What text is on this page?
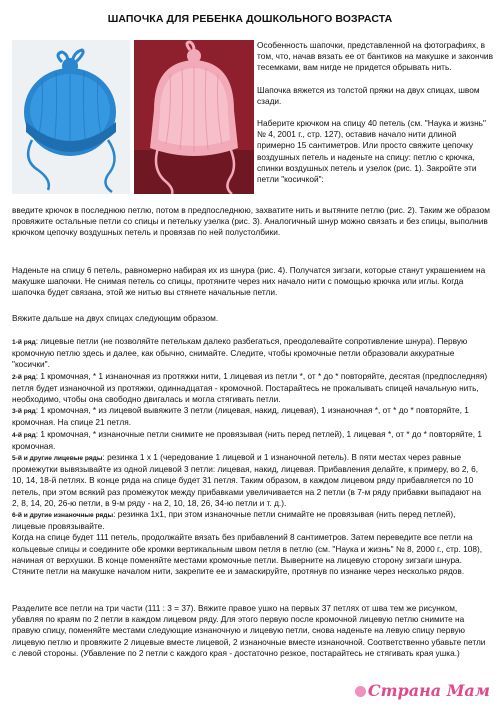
ШАПОЧКА ДЛЯ РЕБЕНКА ДОШКОЛЬНОГО ВОЗРАСТА

Особенность шапочки, представленной на фотографиях, в том, что, начав вязать ее от бантиков на макушке и закончив тесемками, вам нигде не придется обрывать нить.

Шапочка вяжется из толстой пряжи на двух спицах, швом сзади.

Наберите крючком на спицу 40 петель (см. "Наука и жизнь" № 4, 2001 г., стр. 127), оставив начало нити длиной примерно 15 сантиметров. Или просто свяжите цепочку воздушных петель и наденьте на спицу: петлю с крючка, спинки воздушных петель и узелок (рис. 1). Закройте эти петли "косичкой":

введите крючок в последнюю петлю, потом в предпоследнюю, захватите нить и вытяните петлю (рис. 2). Таким же образом провяжите остальные петли со спицы и петельку узелка (рис. 3). Аналогичный шнур можно связать и без спицы, выполнив крючком цепочку воздушных петель и провязав по ней полустолбики.

Наденьте на спицу 6 петель, равномерно набирая их из шнура (рис. 4). Получатся зигзаги, которые станут украшением на макушке шапочки. Не снимая петель со спицы, протяните через них начало нити с помощью крючка или иглы. Когда шапочка будет связана, этой же нитью вы стянете начальные петли.

Вяжите дальше на двух спицах следующим образом.

1-й ряд: лицевые петли (не позволяйте петелькам далеко разбегаться, преодолевайте сопротивление шнура). Первую кромочную петлю здесь и далее, как обычно, снимайте. Следите, чтобы кромочные петли образовали аккуратные "косички".

2-й ряд: 1 кромочная, * 1 изнаночная из протяжки нити, 1 лицевая из петли *, от * до * повторяйте, десятая (предпоследняя) петля будет изнаночной из протяжки, одиннадцатая - кромочной. Постарайтесь не прокалывать спицей начальную нить, необходимо, чтобы она свободно двигалась и могла стягивать петли.

3-й ряд: 1 кромочная, * из лицевой вывяжите 3 петли (лицевая, накид, лицевая), 1 изнаночная *, от * до * повторяйте, 1 кромочная. На спице 21 петля.

4-й ряд: 1 кромочная, * изнаночные петли снимите не провязывая (нить перед петлей), 1 лицевая *, от * до * повторяйте, 1 кромочная.

5-й и другие лицевые ряды: резинка 1 х 1 (чередование 1 лицевой и 1 изнаночной петель). В пяти местах через равные промежутки вывязывайте из одной лицевой 3 петли: лицевая, накид, лицевая. Прибавления делайте, к примеру, во 2, 6, 10, 14, 18-й петлях. В конце ряда на спице будет 31 петля. Таким образом, в каждом лицевом ряду прибавляется по 10 петель, при этом всякий раз промежуток между прибавками увеличивается на 2 петли (в 7-м ряду прибавки выпадают на 2, 8, 14, 20, 26-ю петли, в 9-м ряду - на 2, 10, 18, 26, 34-ю петли и т. д.).

6-й и другие изнаночные ряды: резинка 1х1, при этом изнаночные петли снимайте не провязывая (нить перед петлей), лицевые провязывайте.

Когда на спице будет 111 петель, продолжайте вязать без прибавлений 8 сантиметров. Затем переведите все петли на кольцевые спицы и соедините обе кромки вертикальным швом петля в петлю (см. "Наука и жизнь" № 8, 2000 г., стр. 108), начиная от верхушки. В конце поменяйте местами кромочные петли. Выверните на лицевую сторону зигзаги шнура. Стяните петли на макушке началом нити, закрепите ее и замаскируйте, протянув по изнанке через несколько рядов.

Разделите все петли на три части (111 : 3 = 37). Вяжите правое ушко на первых 37 петлях от шва тем же рисунком, убавляя по краям по 2 петли в каждом лицевом ряду. Для этого первую после кромочной лицевую петлю снимите на правую спицу, поменяйте местами следующие изнаночную и лицевую петли, снова наденьте на левую спицу первую лицевую петлю и провяжите 2 лицевые вместе лицевой, 2 изнаночные вместе изнаночной. Соответственно убавьте петли с левой стороны. (Убавление по 2 петли с каждого края - достаточно резкое, постарайтесь не стягивать края ушка.)

Страна Мам
